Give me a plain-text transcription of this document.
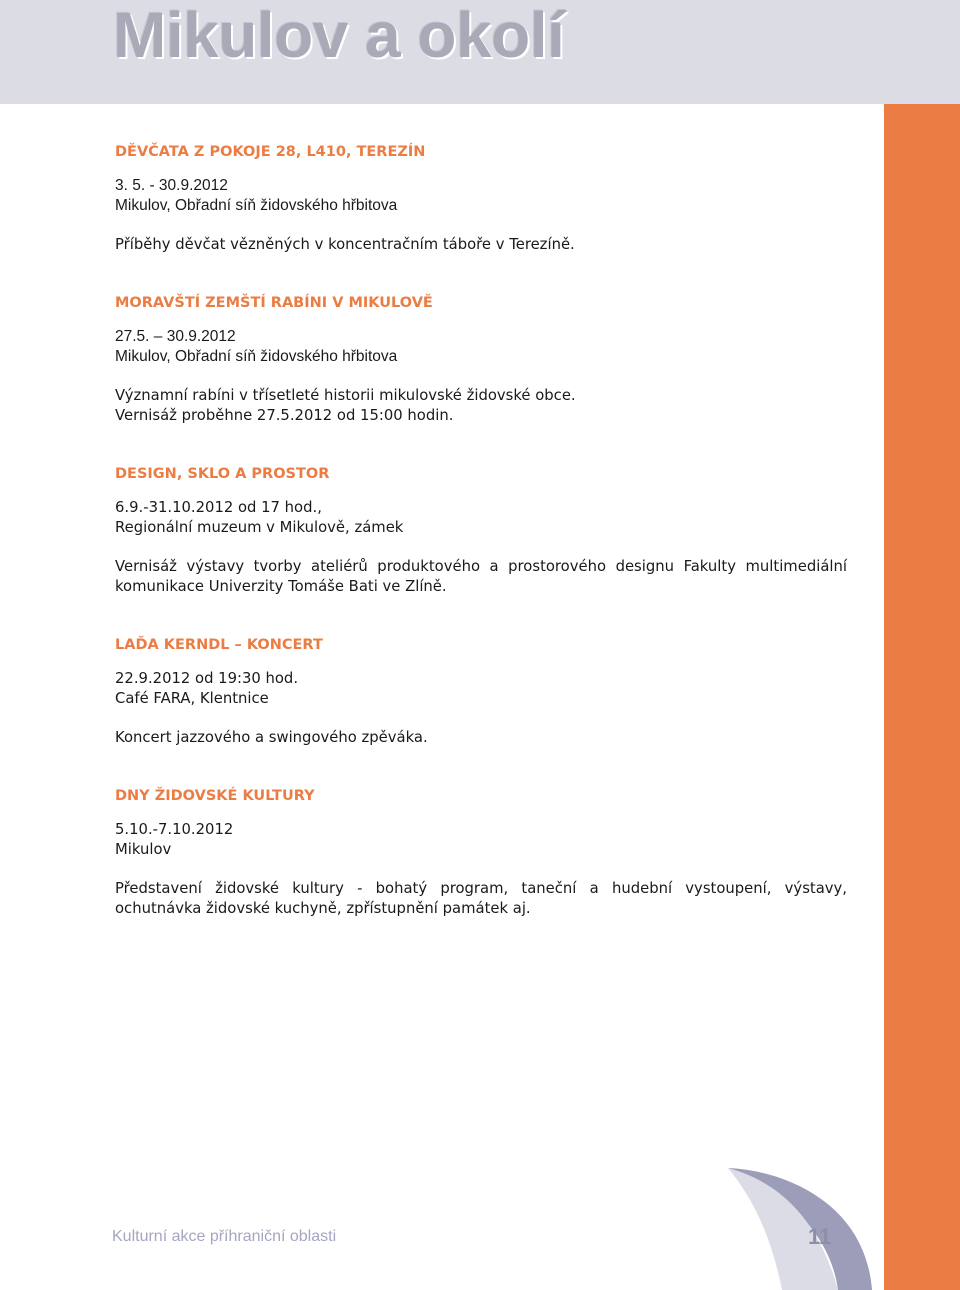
Mikulov a okolí
DĚVČATA Z POKOJE 28, L410, TEREZÍN
3. 5. - 30.9.2012
Mikulov, Obřadní síň židovského hřbitova
Příběhy děvčat vězněných v koncentračním táboře v Terezíně.
MORAVŠTÍ ZEMŠTÍ RABÍNI V MIKULOVĚ
27.5. – 30.9.2012
Mikulov, Obřadní síň židovského hřbitova
Významní rabíni v třísetleté historii mikulovské židovské obce.
Vernisáž proběhne 27.5.2012 od 15:00 hodin.
DESIGN, SKLO A PROSTOR
6.9.-31.10.2012 od 17 hod.,
Regionální muzeum v Mikulově, zámek
Vernisáž výstavy tvorby ateliérů produktového a prostorového designu Fakulty multimediální komunikace Univerzity Tomáše Bati ve Zlíně.
LAĎA KERNDL – KONCERT
22.9.2012 od 19:30 hod.
Café FARA, Klentnice
Koncert jazzového a swingového zpěváka.
DNY ŽIDOVSKÉ KULTURY
5.10.-7.10.2012
Mikulov
Představení židovské kultury - bohatý program, taneční a hudební vystoupení, výstavy, ochutnávka židovské kuchyně, zpřístupnění památek aj.
Kulturní akce příhraniční oblasti	11
